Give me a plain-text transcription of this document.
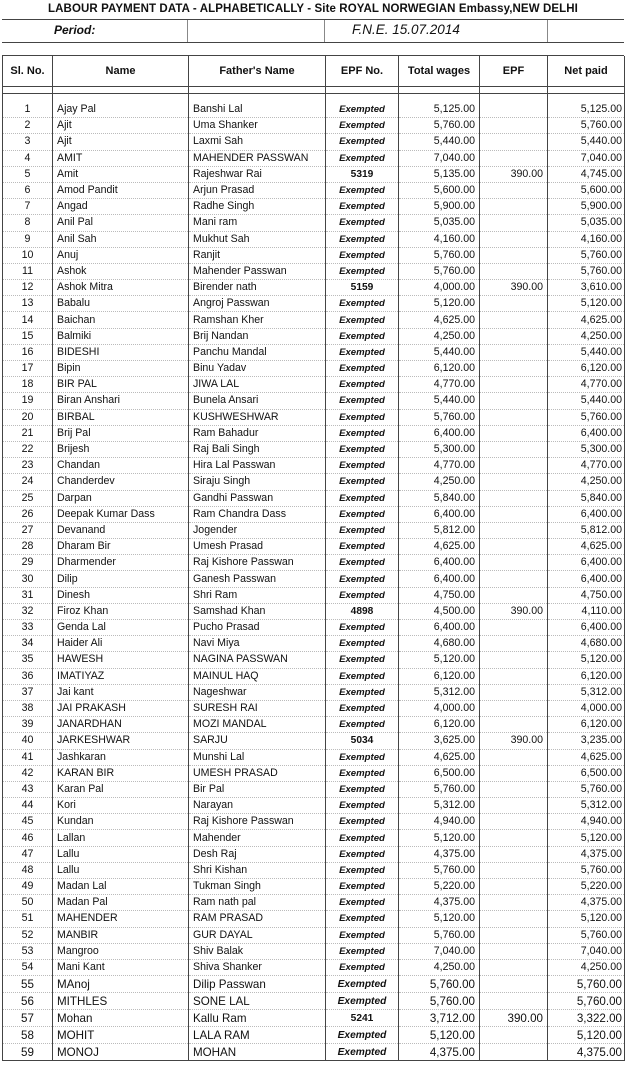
LABOUR PAYMENT DATA - ALPHABETICALLY - Site ROYAL NORWEGIAN Embassy,NEW DELHI
Period:	F.N.E. 15.07.2014
Sl. No.	Name	Father's Name	EPF No.	Total wages	EPF	Net paid

1	Ajay Pal	Banshi Lal	Exempted	5,125.00		5,125.00
2	Ajit	Uma Shanker	Exempted	5,760.00		5,760.00
3	Ajit	Laxmi Sah	Exempted	5,440.00		5,440.00
4	AMIT	MAHENDER PASSWAN	Exempted	7,040.00		7,040.00
5	Amit	Rajeshwar Rai	5319	5,135.00	390.00	4,745.00
6	Amod Pandit	Arjun Prasad	Exempted	5,600.00		5,600.00
7	Angad	Radhe Singh	Exempted	5,900.00		5,900.00
8	Anil Pal	Mani ram	Exempted	5,035.00		5,035.00
9	Anil Sah	Mukhut Sah	Exempted	4,160.00		4,160.00
10	Anuj	Ranjit	Exempted	5,760.00		5,760.00
11	Ashok	Mahender Passwan	Exempted	5,760.00		5,760.00
12	Ashok Mitra	Birender nath	5159	4,000.00	390.00	3,610.00
13	Babalu	Angroj Passwan	Exempted	5,120.00		5,120.00
14	Baichan	Ramshan Kher	Exempted	4,625.00		4,625.00
15	Balmiki	Brij Nandan	Exempted	4,250.00		4,250.00
16	BIDESHI	Panchu Mandal	Exempted	5,440.00		5,440.00
17	Bipin	Binu Yadav	Exempted	6,120.00		6,120.00
18	BIR PAL	JIWA LAL	Exempted	4,770.00		4,770.00
19	Biran Anshari	Bunela Ansari	Exempted	5,440.00		5,440.00
20	BIRBAL	KUSHWESHWAR	Exempted	5,760.00		5,760.00
21	Brij Pal	Ram Bahadur	Exempted	6,400.00		6,400.00
22	Brijesh	Raj Bali Singh	Exempted	5,300.00		5,300.00
23	Chandan	Hira Lal Passwan	Exempted	4,770.00		4,770.00
24	Chanderdev	Siraju Singh	Exempted	4,250.00		4,250.00
25	Darpan	Gandhi Passwan	Exempted	5,840.00		5,840.00
26	Deepak Kumar Dass	Ram Chandra Dass	Exempted	6,400.00		6,400.00
27	Devanand	Jogender	Exempted	5,812.00		5,812.00
28	Dharam Bir	Umesh Prasad	Exempted	4,625.00		4,625.00
29	Dharmender	Raj Kishore Passwan	Exempted	6,400.00		6,400.00
30	Dilip	Ganesh Passwan	Exempted	6,400.00		6,400.00
31	Dinesh	Shri Ram	Exempted	4,750.00		4,750.00
32	Firoz Khan	Samshad Khan	4898	4,500.00	390.00	4,110.00
33	Genda Lal	Pucho Prasad	Exempted	6,400.00		6,400.00
34	Haider Ali	Navi Miya	Exempted	4,680.00		4,680.00
35	HAWESH	NAGINA PASSWAN	Exempted	5,120.00		5,120.00
36	IMATIYAZ	MAINUL HAQ	Exempted	6,120.00		6,120.00
37	Jai kant	Nageshwar	Exempted	5,312.00		5,312.00
38	JAI PRAKASH	SURESH RAI	Exempted	4,000.00		4,000.00
39	JANARDHAN	MOZI MANDAL	Exempted	6,120.00		6,120.00
40	JARKESHWAR	SARJU	5034	3,625.00	390.00	3,235.00
41	Jashkaran	Munshi Lal	Exempted	4,625.00		4,625.00
42	KARAN BIR	UMESH PRASAD	Exempted	6,500.00		6,500.00
43	Karan Pal	Bir Pal	Exempted	5,760.00		5,760.00
44	Kori	Narayan	Exempted	5,312.00		5,312.00
45	Kundan	Raj Kishore Passwan	Exempted	4,940.00		4,940.00
46	Lallan	Mahender	Exempted	5,120.00		5,120.00
47	Lallu	Desh Raj	Exempted	4,375.00		4,375.00
48	Lallu	Shri Kishan	Exempted	5,760.00		5,760.00
49	Madan Lal	Tukman Singh	Exempted	5,220.00		5,220.00
50	Madan Pal	Ram nath pal	Exempted	4,375.00		4,375.00
51	MAHENDER	RAM PRASAD	Exempted	5,120.00		5,120.00
52	MANBIR	GUR DAYAL	Exempted	5,760.00		5,760.00
53	Mangroo	Shiv Balak	Exempted	7,040.00		7,040.00
54	Mani Kant	Shiva Shanker	Exempted	4,250.00		4,250.00
55	MAnoj	Dilip Passwan	Exempted	5,760.00		5,760.00
56	MITHLES	SONE LAL	Exempted	5,760.00		5,760.00
57	Mohan	Kallu Ram	5241	3,712.00	390.00	3,322.00
58	MOHIT	LALA RAM	Exempted	5,120.00		5,120.00
59	MONOJ	MOHAN	Exempted	4,375.00		4,375.00
